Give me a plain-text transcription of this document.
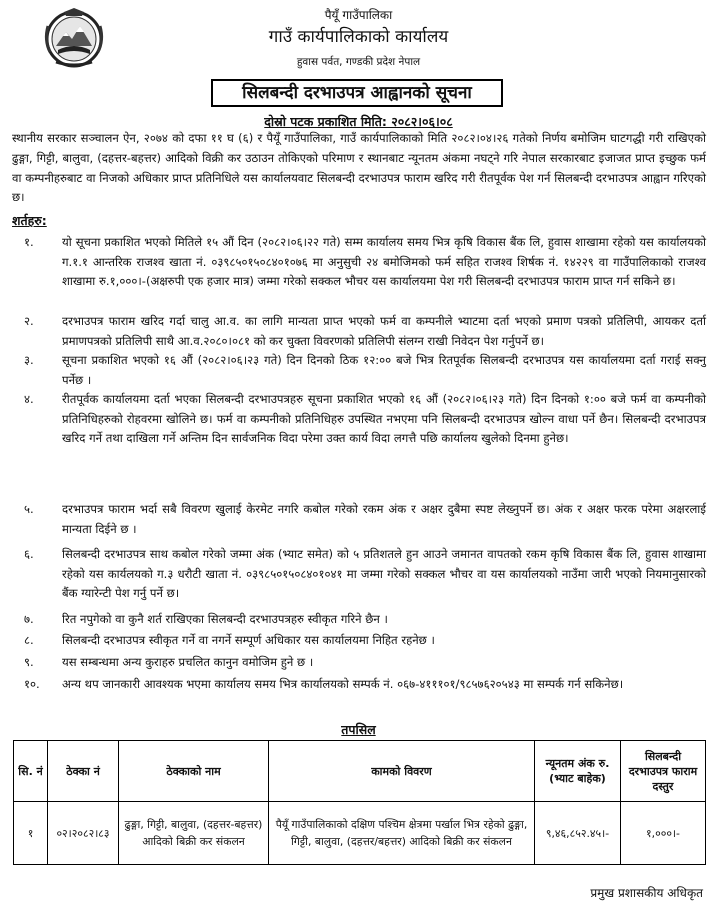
पैयूँ गाउँपालिका
गाउँ कार्यपालिकाको कार्यालय
हुवास पर्वत, गण्डकी प्रदेश नेपाल
सिलबन्दी दरभाउपत्र आह्वानको सूचना
दोस्रो पटक प्रकाशित मिति: २०८२।०६।०८
स्थानीय सरकार सञ्चालन ऐन, २०७४ को दफा ११ घ (६) र पैयूँ गाउँपालिका, गाउँ कार्यपालिकाको मिति २०८२।०४।२६ गतेको निर्णय बमोजिम घाटगद्धी गरी राखिएको ढुङ्गा, गिट्टी, बालुवा, (दहत्तर-बहत्तर) आदिको विक्री कर उठाउन तोकिएको परिमाण र स्थानबाट न्यूनतम अंकमा नघट्ने गरि नेपाल सरकारबाट इजाजत प्राप्त इच्छुक फर्म वा कम्पनीहरुबाट वा निजको अधिकार प्राप्त प्रतिनिधिले यस कार्यालयवाट सिलबन्दी दरभाउपत्र फाराम खरिद गरी रीतपूर्वक पेश गर्न सिलबन्दी दरभाउपत्र आह्वान गरिएको छ।
शर्तहरु:
१. यो सूचना प्रकाशित भएको मितिले १५ औं दिन (२०८२।०६।२२ गते) सम्म कार्यालय समय भित्र कृषि विकास बैंक लि, हुवास शाखामा रहेको यस कार्यालयको ग.१.१ आन्तरिक राजश्व खाता नं. ०३९८५०१५०८४०१०७६ मा अनुसुची २४ बमोजिमको फर्म सहित राजश्व शिर्षक नं. १४२२९ वा गाउँपालिकाको राजश्व शाखामा रु.१,०००।-(अक्षरुपी एक हजार मात्र) जम्मा गरेको सक्कल भौचर यस कार्यालयमा पेश गरी सिलबन्दी दरभाउपत्र फाराम प्राप्त गर्न सकिने छ।
२. दरभाउपत्र फाराम खरिद गर्दा चालु आ.व. का लागि मान्यता प्राप्त भएको फर्म वा कम्पनीले भ्याटमा दर्ता भएको प्रमाण पत्रको प्रतिलिपी, आयकर दर्ता प्रमाणपत्रको प्रतिलिपी साथै आ.व.२०८०।०८१ को कर चुक्ता विवरणको प्रतिलिपी संलग्न राखी निवेदन पेश गर्नुपर्ने छ।
३. सूचना प्रकाशित भएको १६ औं (२०८२।०६।२३ गते) दिन दिनको ठिक १२:०० बजे भित्र रितपूर्वक सिलबन्दी दरभाउपत्र यस कार्यालयमा दर्ता गराई सक्नु पर्नेछ ।
४. रीतपूर्वक कार्यालयमा दर्ता भएका सिलबन्दी दरभाउपत्रहरु सूचना प्रकाशित भएको १६ औं (२०८२।०६।२३ गते) दिन दिनको १:०० बजे फर्म वा कम्पनीको प्रतिनिधिहरुको रोहवरमा खोलिने छ। फर्म वा कम्पनीको प्रतिनिधिहरु उपस्थित नभएमा पनि सिलबन्दी दरभाउपत्र खोल्न वाधा पर्ने छैन। सिलबन्दी दरभाउपत्र खरिद गर्ने तथा दाखिला गर्ने अन्तिम दिन सार्वजनिक विदा परेमा उक्त कार्य विदा लगत्तै पछि कार्यालय खुलेको दिनमा हुनेछ।
५. दरभाउपत्र फाराम भर्दा सबै विवरण खुलाई केरमेट नगरि कबोल गरेको रकम अंक र अक्षर दुबैमा स्पष्ट लेख्नुपर्ने छ। अंक र अक्षर फरक परेमा अक्षरलाई मान्यता दिईने छ ।
६. सिलबन्दी दरभाउपत्र साथ कबोल गरेको जम्मा अंक (भ्याट समेत) को ५ प्रतिशतले हुन आउने जमानत वापतको रकम कृषि विकास बैंक लि, हुवास शाखामा रहेको यस कार्यलयको ग.३ धरौटी खाता नं. ०३९८५०१५०८४०१०४१ मा जम्मा गरेको सक्कल भौचर वा यस कार्यालयको नाउँमा जारी भएको नियमानुसारको बैंक ग्यारेन्टी पेश गर्नु पर्ने छ।
७. रित नपुगेको वा कुनै शर्त राखिएका सिलबन्दी दरभाउपत्रहरु स्वीकृत गरिने छैन ।
८. सिलबन्दी दरभाउपत्र स्वीकृत गर्ने वा नगर्ने सम्पूर्ण अधिकार यस कार्यालयमा निहित रहनेछ ।
९. यस सम्बन्धमा अन्य कुराहरु प्रचलित कानुन वमोजिम हुने छ ।
१०. अन्य थप जानकारी आवश्यक भएमा कार्यालय समय भित्र कार्यालयको सम्पर्क नं. ०६७-४१११०१/९८५७६२०५४३ मा सम्पर्क गर्न सकिनेछ।
तपसिल
सि. नं	ठेक्का नं	ठेक्काको नाम	कामको विवरण	न्यूनतम अंक रु. (भ्याट बाहेक)	सिलबन्दी दरभाउपत्र फाराम दस्तुर
१	०२।२०८२।८३	ढुङ्गा, गिट्टी, बालुवा, (दहत्तर-बहत्तर) आदिको बिक्री कर संकलन	पैयूँ गाउँपालिकाको दक्षिण पश्चिम क्षेत्रमा पर्खाल भित्र रहेको ढुङ्गा, गिट्टी, बालुवा, (दहत्तर/बहत्तर) आदिको बिक्री कर संकलन	९,४६,८५२.४५।-	१,०००।-
प्रमुख प्रशासकीय अधिकृत
